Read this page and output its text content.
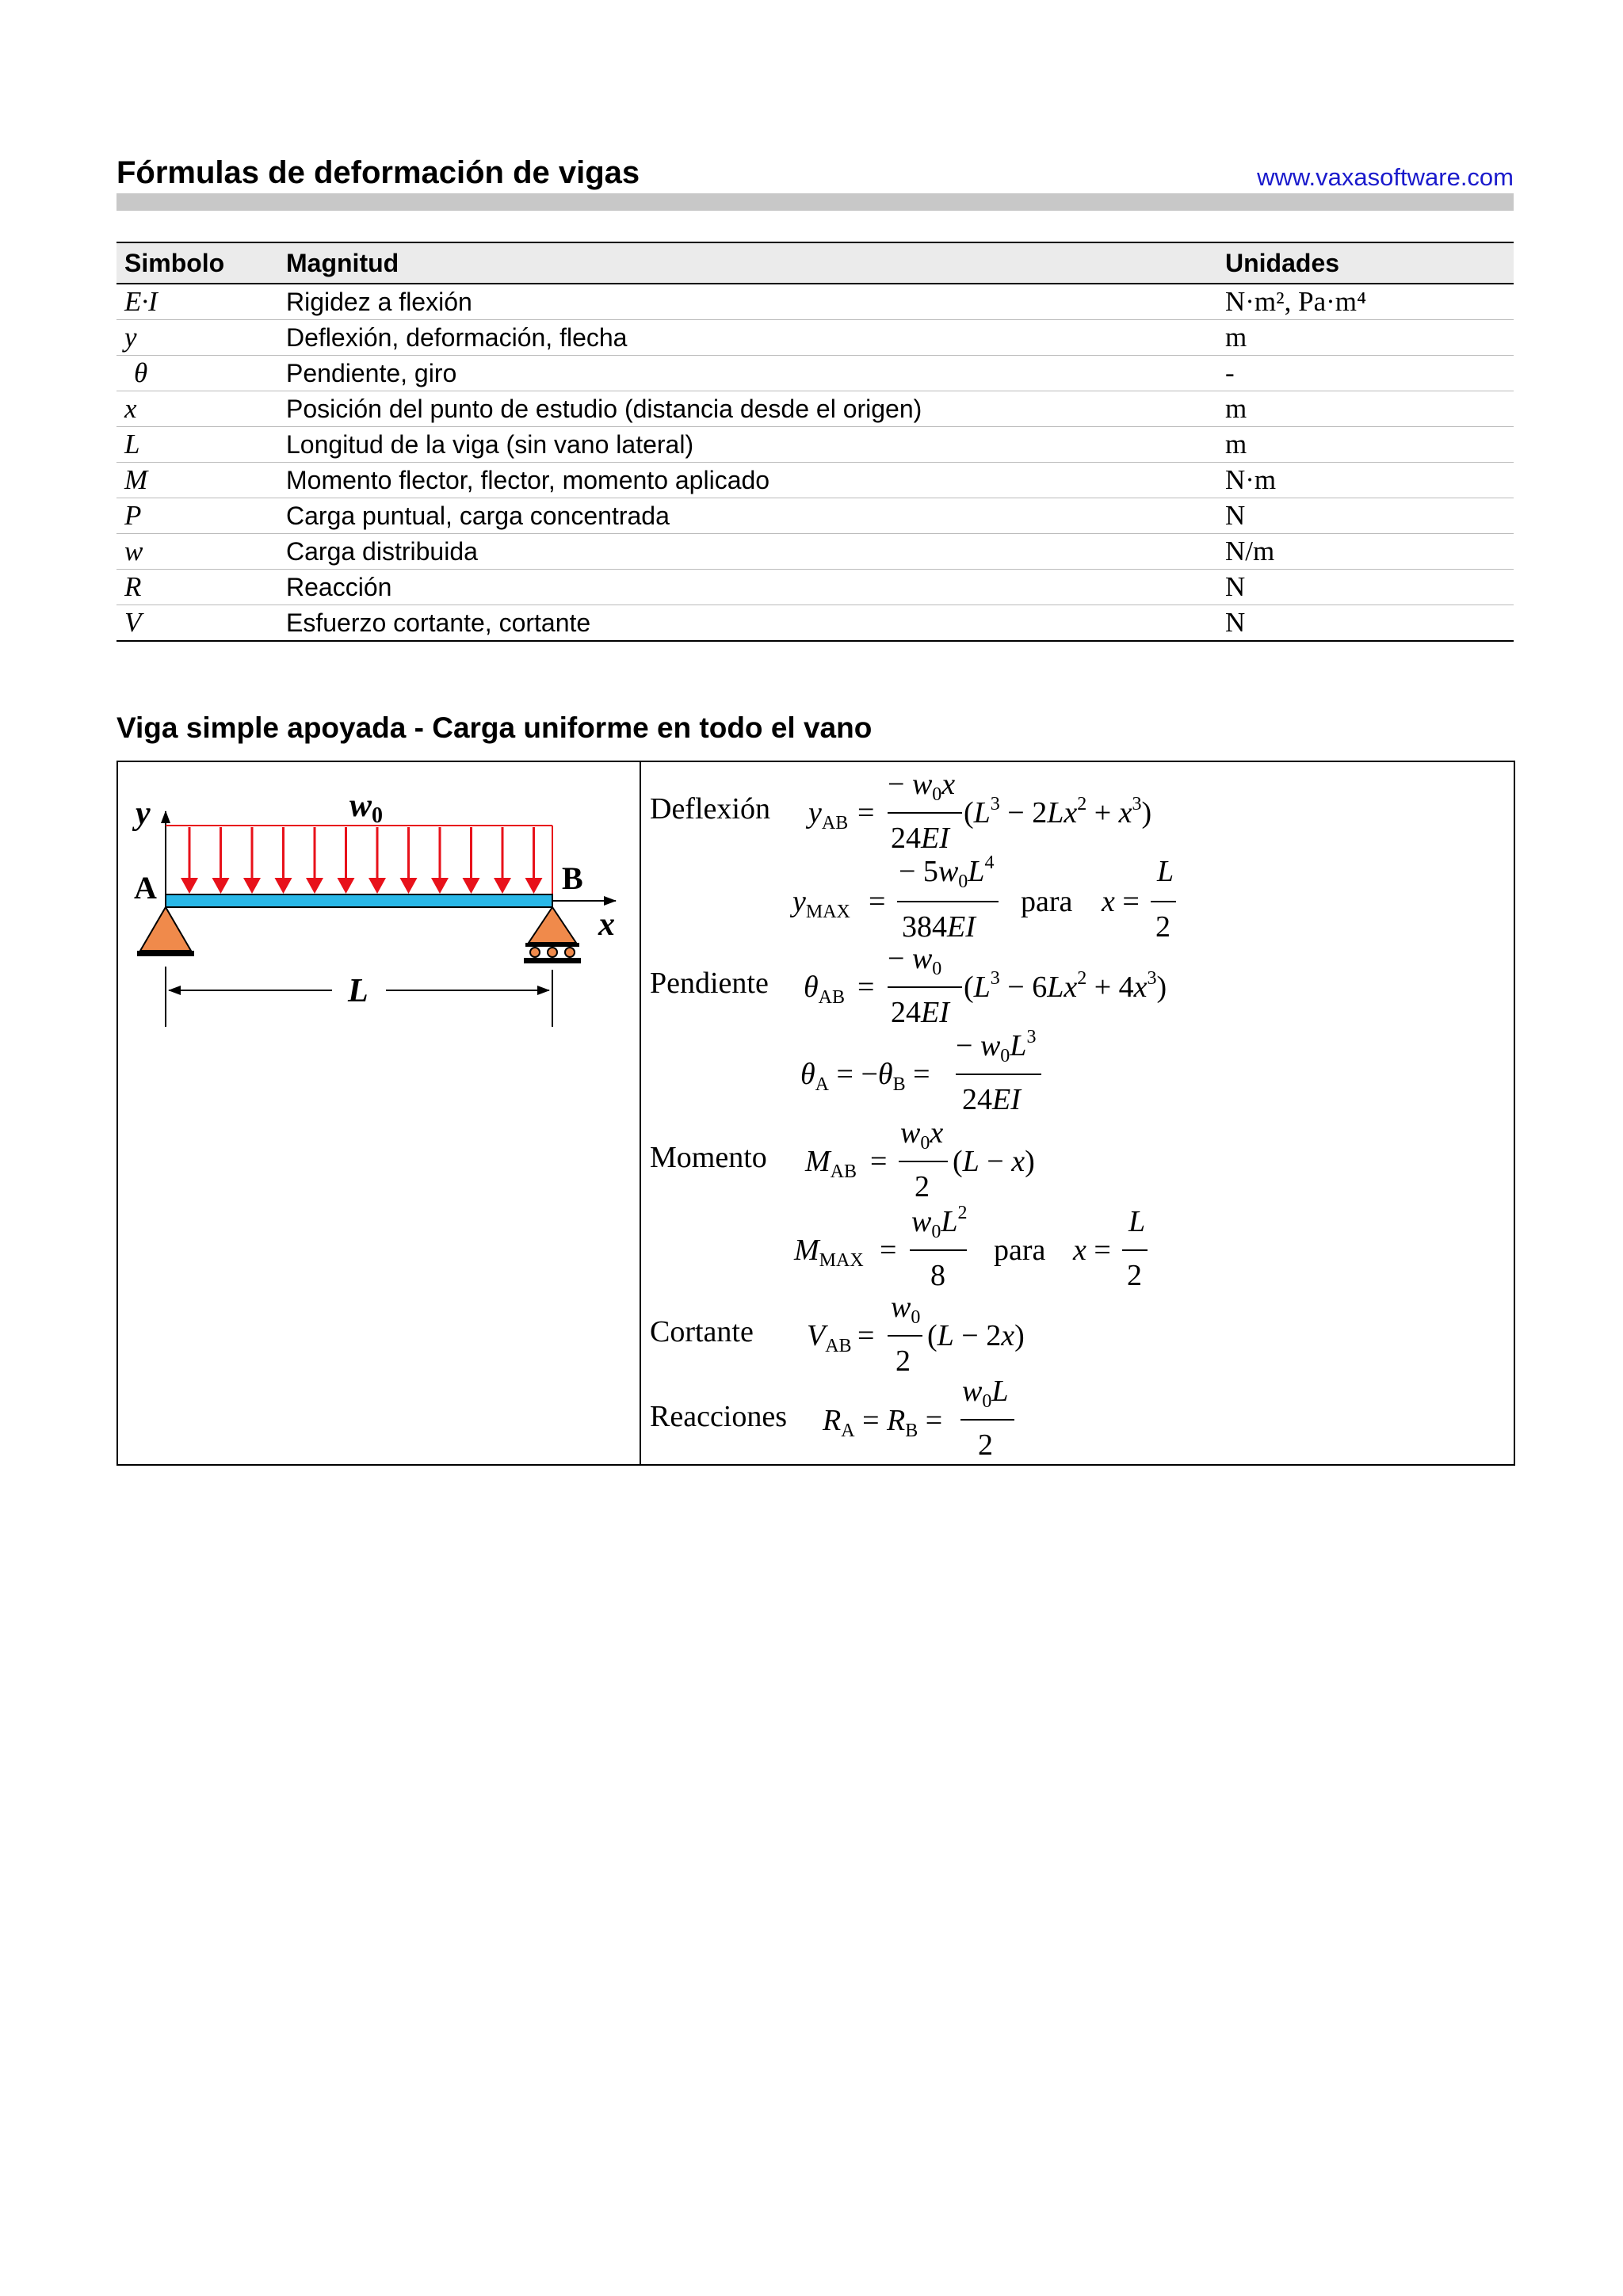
Fórmulas de deformación de vigas	www.vaxasoftware.com
Simbolo	Magnitud	Unidades
E·I	Rigidez a flexión	N·m², Pa·m⁴
y	Deflexión, deformación, flecha	m
θ	Pendiente, giro	-
x	Posición del punto de estudio (distancia desde el origen)	m
L	Longitud de la viga (sin vano lateral)	m
M	Momento flector, flector, momento aplicado	N·m
P	Carga puntual, carga concentrada	N
w	Carga distribuida	N/m
R	Reacción	N
V	Esfuerzo cortante, cortante	N
Viga simple apoyada - Carga uniforme en todo el vano
y	w0
x
A	B
L
Deflexión $y_{AB}$ =
− $w_0x$
24EI
$(L^3 - 2Lx^2 + x^3)$
$y_{MAX}$ =
− $5w_0L^4$
384EI
para x =
L
2
Pendiente $\theta_{AB}$ =
− $w_0$
24EI
$(L^3 - 6Lx^2 + 4x^3)$
$\theta_A = -\theta_B$ =
− $w_0L^3$
24EI
Momento $M_{AB}$ =
$w_0x$
2
(L − x)
$M_{MAX}$ =
$w_0L^2$
8
para x =
L
2
Cortante $V_{AB}$ =
$w_0$
2
(L − 2x)
Reacciones $R_A = R_B$ =
$w_0L$
2
